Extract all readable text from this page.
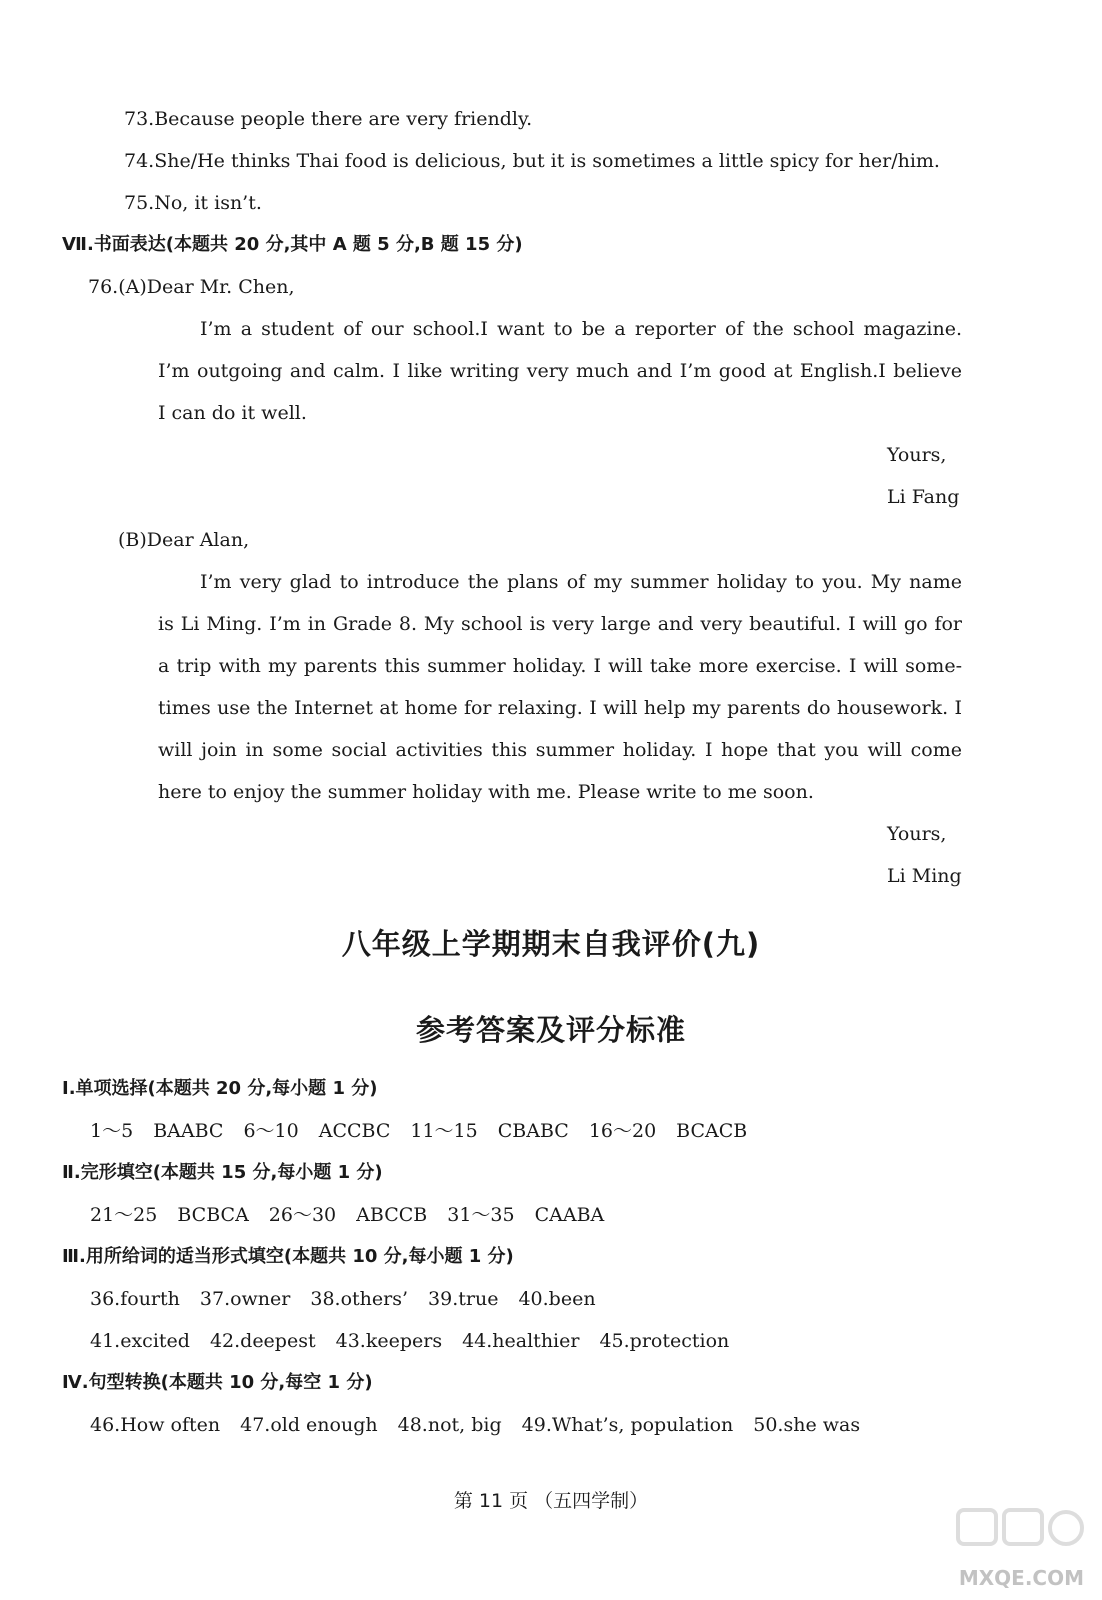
73.Because people there are very friendly.
74.She/He thinks Thai food is delicious, but it is sometimes a little spicy for her/him.
75.No, it isn’t.
Ⅶ.书面表达(本题共 20 分,其中 A 题 5 分,B 题 15 分)
76.(A)Dear Mr. Chen,
I’m a student of our school.I want to be a reporter of the school magazine.
I’m outgoing and calm. I like writing very much and I’m good at English.I believe
I can do it well.
Yours,
Li Fang
(B)Dear Alan,
I’m very glad to introduce the plans of my summer holiday to you. My name
is Li Ming. I’m in Grade 8. My school is very large and very beautiful. I will go for
a trip with my parents this summer holiday. I will take more exercise. I will some-
times use the Internet at home for relaxing. I will help my parents do housework. I
will join in some social activities this summer holiday. I hope that you will come
here to enjoy the summer holiday with me. Please write to me soon.
Yours,
Li Ming
八年级上学期期末自我评价(九)
参考答案及评分标准
Ⅰ.单项选择(本题共 20 分,每小题 1 分)
1～5 BAABC 6～10 ACCBC 11～15 CBABC 16～20 BCACB
Ⅱ.完形填空(本题共 15 分,每小题 1 分)
21～25 BCBCA 26～30 ABCCB 31～35 CAABA
Ⅲ.用所给词的适当形式填空(本题共 10 分,每小题 1 分)
36.fourth 37.owner 38.others’ 39.true 40.been
41.excited 42.deepest 43.keepers 44.healthier 45.protection
Ⅳ.句型转换(本题共 10 分,每空 1 分)
46.How often 47.old enough 48.not, big 49.What’s, population 50.she was
第 11 页 （五四学制）
MXQE.COM
